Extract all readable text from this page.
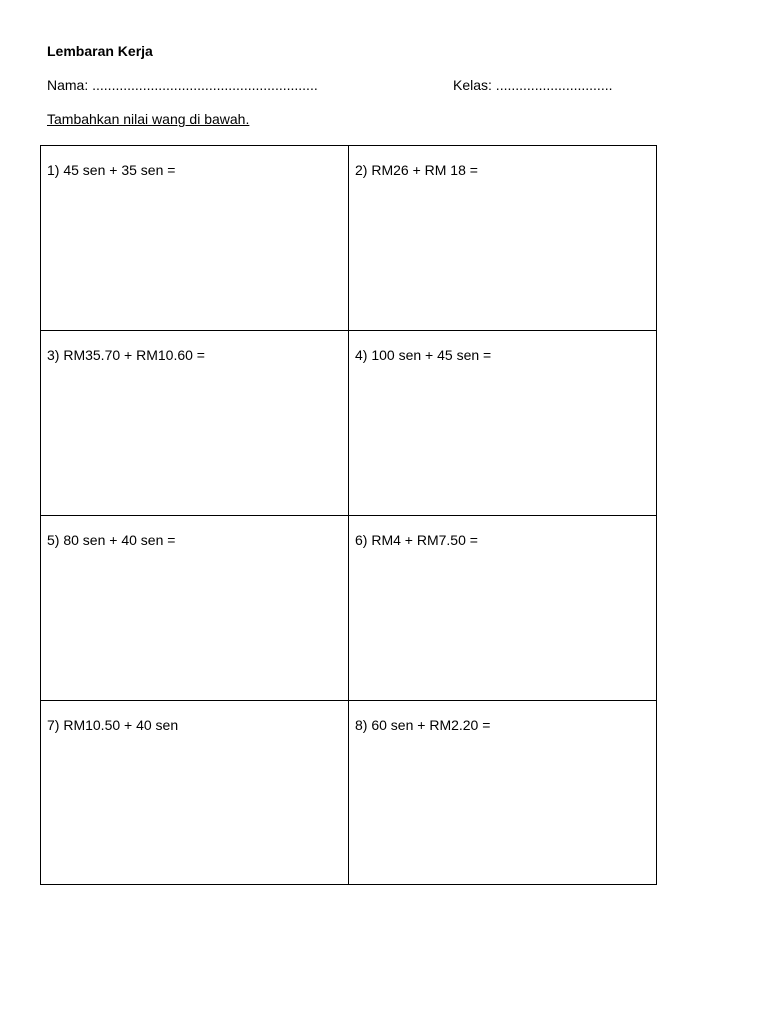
Lembaran Kerja
Nama: ..........................................................	Kelas: ..............................
Tambahkan nilai wang di bawah.
1) 45 sen + 35 sen =	2) RM26 + RM 18 =
3) RM35.70 + RM10.60 =	4) 100 sen + 45 sen =
5) 80 sen + 40 sen =	6) RM4 + RM7.50 =
7) RM10.50 + 40 sen	8) 60 sen + RM2.20 =
